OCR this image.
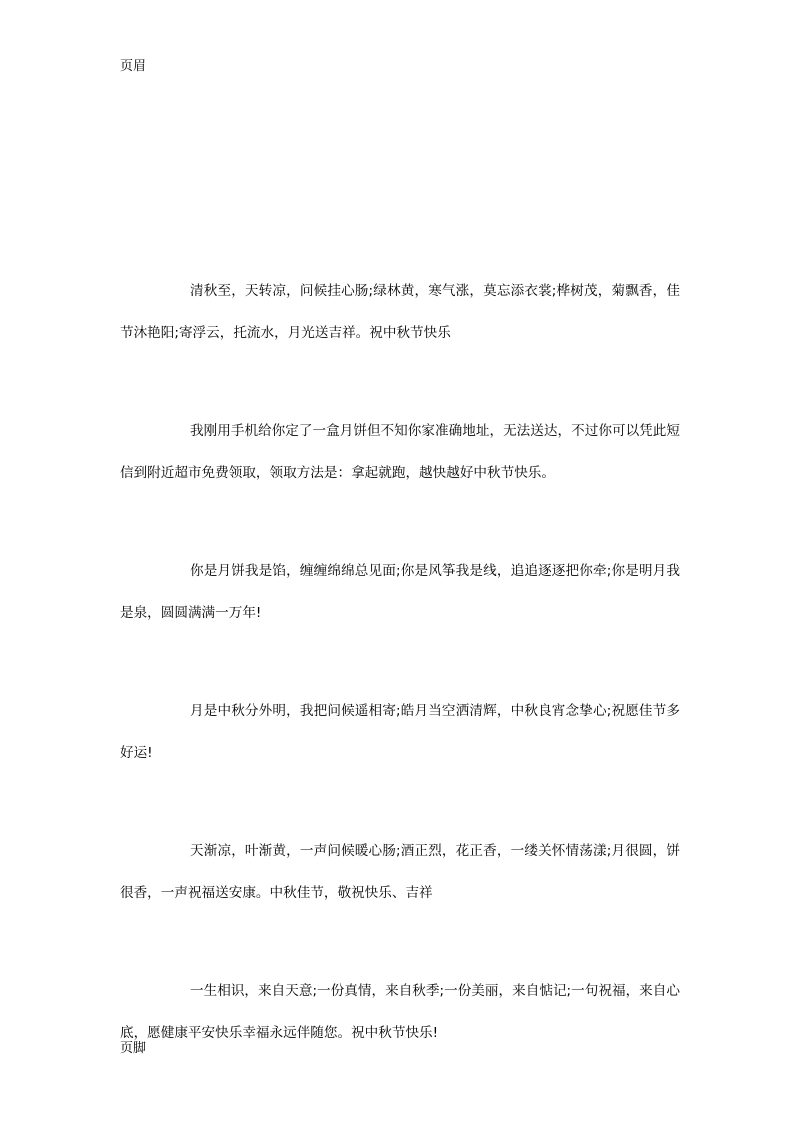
页眉

清秋至，天转凉，问候挂心肠;绿林黄，寒气涨，莫忘添衣裳;桦树茂，菊飘香，佳节沐艳阳;寄浮云，托流水，月光送吉祥。祝中秋节快乐

我刚用手机给你定了一盒月饼但不知你家准确地址，无法送达，不过你可以凭此短信到附近超市免费领取，领取方法是：拿起就跑，越快越好中秋节快乐。

你是月饼我是馅，缠缠绵绵总见面;你是风筝我是线，追追逐逐把你牵;你是明月我是泉，圆圆满满一万年!

月是中秋分外明，我把问候遥相寄;皓月当空洒清辉，中秋良宵念挚心;祝愿佳节多好运!

天渐凉，叶渐黄，一声问候暖心肠;酒正烈，花正香，一缕关怀情荡漾;月很圆，饼很香，一声祝福送安康。中秋佳节，敬祝快乐、吉祥

一生相识，来自天意;一份真情，来自秋季;一份美丽，来自惦记;一句祝福，来自心底，愿健康平安快乐幸福永远伴随您。祝中秋节快乐!

页脚
